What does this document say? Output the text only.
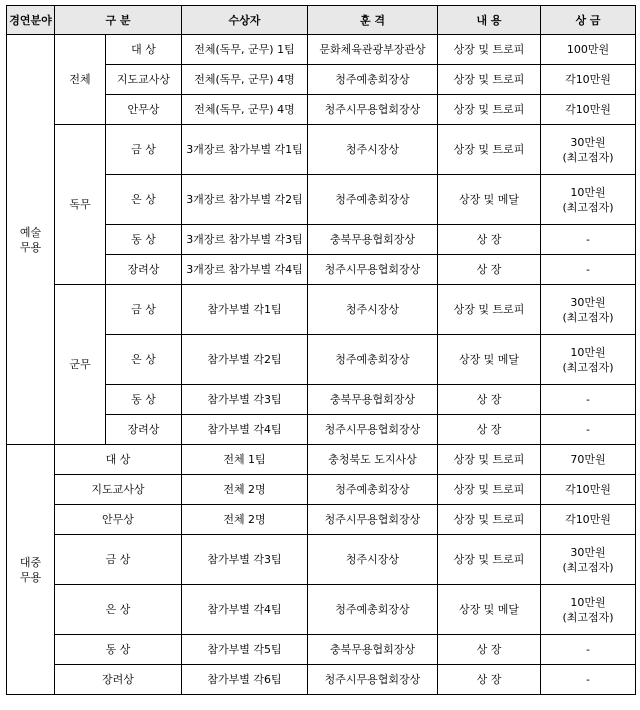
경연분야	구 분		수상자	훈 격	내 용	상 금
예술
무용	전체	대 상	전체(독무, 군무) 1팀	문화체육관광부장관상	상장 및 트로피	100만원
		지도교사상	전체(독무, 군무) 4명	청주예총회장상	상장 및 트로피	각10만원
		안무상	전체(독무, 군무) 4명	청주시무용협회장상	상장 및 트로피	각10만원
	독무	금 상	3개장르 참가부별 각1팀	청주시장상	상장 및 트로피	30만원
(최고점자)
		은 상	3개장르 참가부별 각2팀	청주예총회장상	상장 및 메달	10만원
(최고점자)
		동 상	3개장르 참가부별 각3팀	충북무용협회장상	상 장	-
		장려상	3개장르 참가부별 각4팀	청주시무용협회장상	상 장	-
	군무	금 상	참가부별 각1팀	청주시장상	상장 및 트로피	30만원
(최고점자)
		은 상	참가부별 각2팀	청주예총회장상	상장 및 메달	10만원
(최고점자)
		동 상	참가부별 각3팀	충북무용협회장상	상 장	-
		장려상	참가부별 각4팀	청주시무용협회장상	상 장	-
대중
무용	대 상		전체 1팀	충청북도 도지사상	상장 및 트로피	70만원
	지도교사상		전체 2명	청주예총회장상	상장 및 트로피	각10만원
	안무상		전체 2명	청주시무용협회장상	상장 및 트로피	각10만원
	금 상		참가부별 각3팀	청주시장상	상장 및 트로피	30만원
(최고점자)
	은 상		참가부별 각4팀	청주예총회장상	상장 및 메달	10만원
(최고점자)
	동 상		참가부별 각5팀	충북무용협회장상	상 장	-
	장려상		참가부별 각6팀	청주시무용협회장상	상 장	-
